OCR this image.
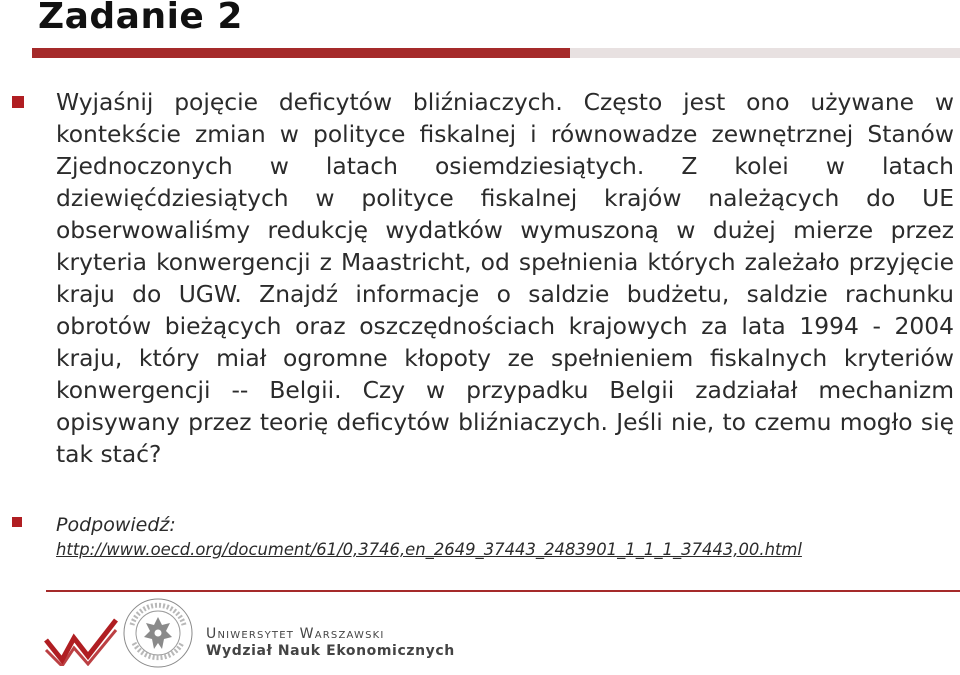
Zadanie 2
Wyjaśnij pojęcie deficytów bliźniaczych. Często jest ono używane w kontekście zmian w polityce fiskalnej i równowadze zewnętrznej Stanów Zjednoczonych w latach osiemdziesiątych. Z kolei w latach dziewięćdziesiątych w polityce fiskalnej krajów należących do UE obserwowaliśmy redukcję wydatków wymuszoną w dużej mierze przez kryteria konwergencji z Maastricht, od spełnienia których zależało przyjęcie kraju do UGW. Znajdź informacje o saldzie budżetu, saldzie rachunku obrotów bieżących oraz oszczędnościach krajowych za lata 1994 - 2004 kraju, który miał ogromne kłopoty ze spełnieniem fiskalnych kryteriów konwergencji -- Belgii. Czy w przypadku Belgii zadziałał mechanizm opisywany przez teorię deficytów bliźniaczych. Jeśli nie, to czemu mogło się tak stać?
Podpowiedź:
http://www.oecd.org/document/61/0,3746,en_2649_37443_2483901_1_1_1_37443,00.html
Uniwersytet Warszawski
Wydział Nauk Ekonomicznych
